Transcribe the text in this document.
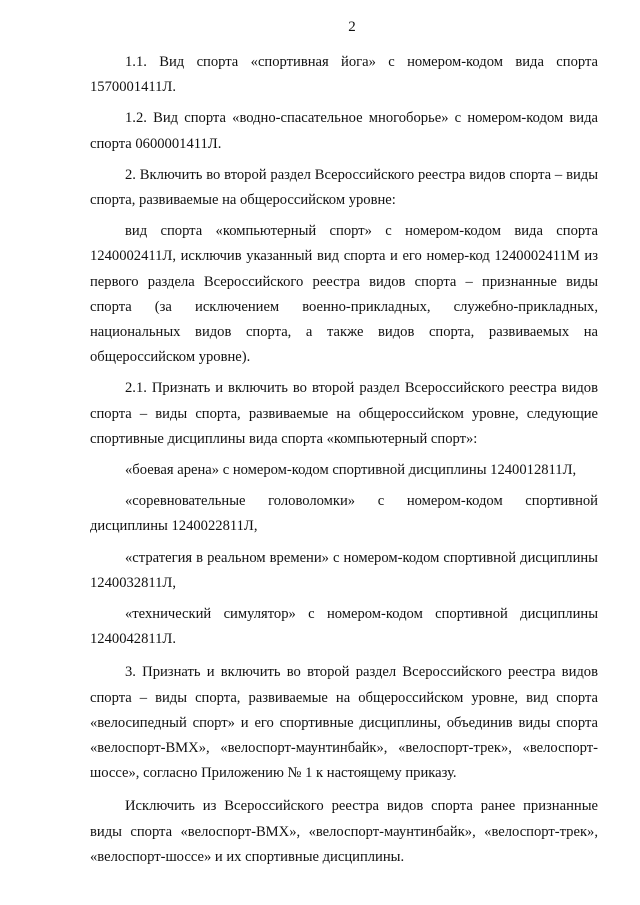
2

1.1. Вид спорта «спортивная йога» с номером-кодом вида спорта 1570001411Л.

1.2. Вид спорта «водно-спасательное многоборье» с номером-кодом вида спорта 0600001411Л.

2. Включить во второй раздел Всероссийского реестра видов спорта – виды спорта, развиваемые на общероссийском уровне:

вид спорта «компьютерный спорт» с номером-кодом вида спорта 1240002411Л, исключив указанный вид спорта и его номер-код 1240002411М из первого раздела Всероссийского реестра видов спорта – признанные виды спорта (за исключением военно-прикладных, служебно-прикладных, национальных видов спорта, а также видов спорта, развиваемых на общероссийском уровне).

2.1. Признать и включить во второй раздел Всероссийского реестра видов спорта – виды спорта, развиваемые на общероссийском уровне, следующие спортивные дисциплины вида спорта «компьютерный спорт»:

«боевая арена» с номером-кодом спортивной дисциплины 1240012811Л,

«соревновательные головоломки» с номером-кодом спортивной дисциплины 1240022811Л,

«стратегия в реальном времени» с номером-кодом спортивной дисциплины 1240032811Л,

«технический симулятор» с номером-кодом спортивной дисциплины 1240042811Л.

3. Признать и включить во второй раздел Всероссийского реестра видов спорта – виды спорта, развиваемые на общероссийском уровне, вид спорта «велосипедный спорт» и его спортивные дисциплины, объединив виды спорта «велоспорт-ВМХ», «велоспорт-маунтинбайк», «велоспорт-трек», «велоспорт-шоссе», согласно Приложению № 1 к настоящему приказу.

Исключить из Всероссийского реестра видов спорта ранее признанные виды спорта «велоспорт-ВМХ», «велоспорт-маунтинбайк», «велоспорт-трек», «велоспорт-шоссе» и их спортивные дисциплины.
